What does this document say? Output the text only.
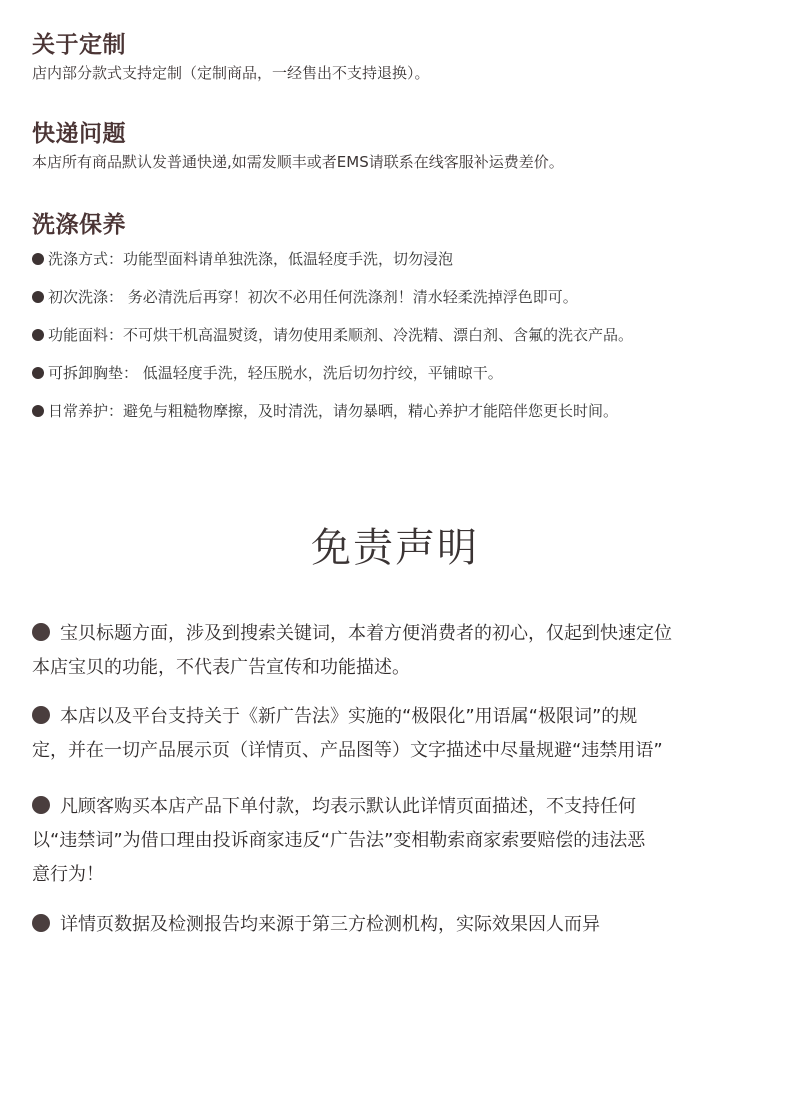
关于定制

店内部分款式支持定制（定制商品，一经售出不支持退换）。

快递问题

本店所有商品默认发普通快递,如需发顺丰或者EMS请联系在线客服补运费差价。

洗涤保养
洗涤方式：功能型面料请单独洗涤，低温轻度手洗，切勿浸泡
初次洗涤： 务必清洗后再穿！初次不必用任何洗涤剂！清水轻柔洗掉浮色即可。
功能面料：不可烘干机高温熨烫，请勿使用柔顺剂、冷洗精、漂白剂、含氟的洗衣产品。
可拆卸胸垫： 低温轻度手洗，轻压脱水，洗后切勿拧绞，平铺晾干。
日常养护：避免与粗糙物摩擦，及时清洗，请勿暴晒，精心养护才能陪伴您更长时间。
免责声明
宝贝标题方面，涉及到搜索关键词，本着方便消费者的初心，仅起到快速定位
本店宝贝的功能，不代表广告宣传和功能描述。
本店以及平台支持关于《新广告法》实施的“极限化”用语属“极限词”的规
定，并在一切产品展示页（详情页、产品图等）文字描述中尽量规避“违禁用语”
凡顾客购买本店产品下单付款，均表示默认此详情页面描述，不支持任何
以“违禁词”为借口理由投诉商家违反“广告法”变相勒索商家索要赔偿的违法恶
意行为！
详情页数据及检测报告均来源于第三方检测机构，实际效果因人而异
